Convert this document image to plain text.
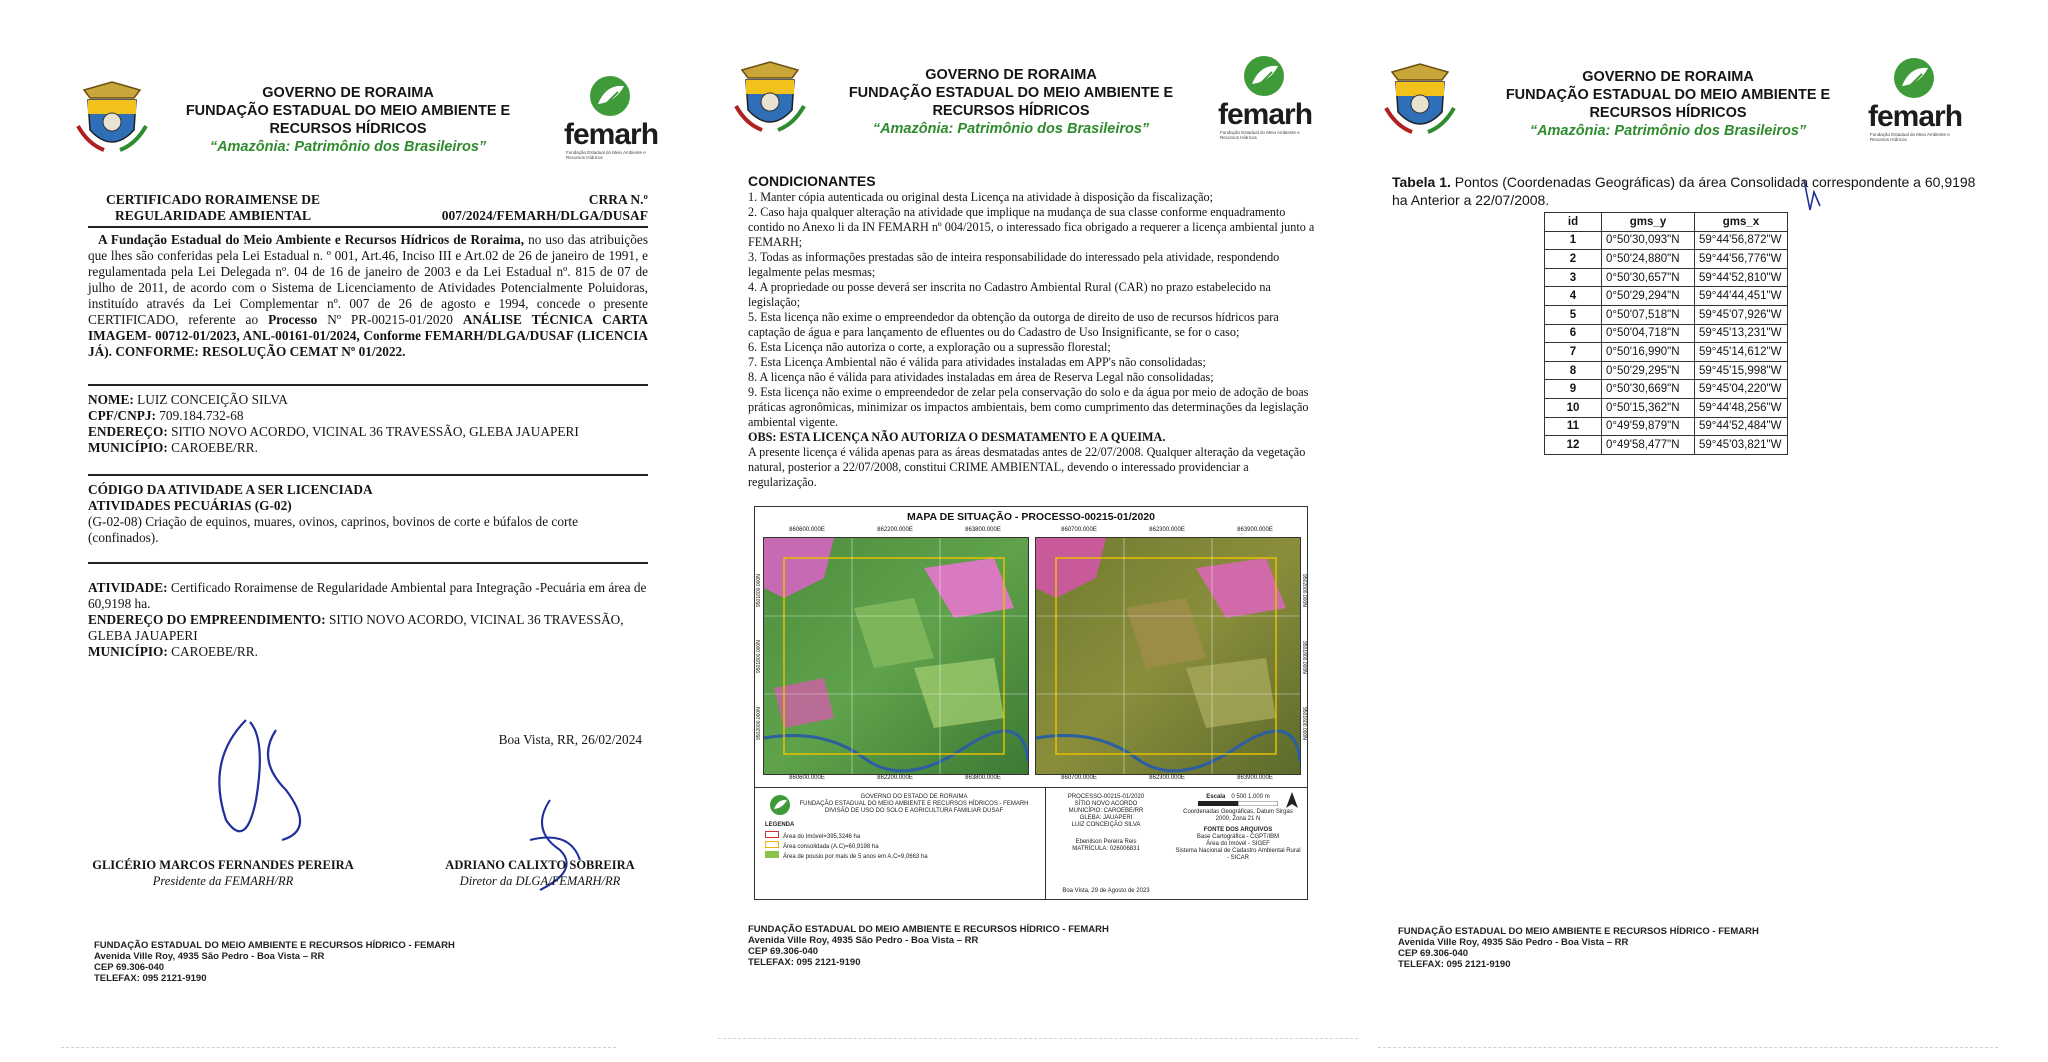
GOVERNO DE RORAIMA
FUNDAÇÃO ESTADUAL DO MEIO AMBIENTE E
RECURSOS HÍDRICOS
“Amazônia: Patrimônio dos Brasileiros”	femarh
Fundação Estadual do Meio Ambiente e Recursos Hídricos
CERTIFICADO RORAIMENSE DE
REGULARIDADE AMBIENTAL
CRRA N.º
007/2024/FEMARH/DLGA/DUSAF
A Fundação Estadual do Meio Ambiente e Recursos Hídricos de Roraima, no uso das atribuições que lhes são conferidas pela Lei Estadual n. º 001, Art.46, Inciso III e Art.02 de 26 de janeiro de 1991, e regulamentada pela Lei Delegada nº. 04 de 16 de janeiro de 2003 e da Lei Estadual nº. 815 de 07 de julho de 2011, de acordo com o Sistema de Licenciamento de Atividades Potencialmente Poluidoras, instituído através da Lei Complementar nº. 007 de 26 de agosto e 1994, concede o presente CERTIFICADO, referente ao Processo Nº PR-00215-01/2020 ANÁLISE TÉCNICA CARTA IMAGEM- 00712-01/2023, ANL-00161-01/2024, Conforme FEMARH/DLGA/DUSAF (LICENCIA JÁ). CONFORME: RESOLUÇÃO CEMAT Nº 01/2022.
NOME: LUIZ CONCEIÇÃO SILVA
CPF/CNPJ: 709.184.732-68
ENDEREÇO: SITIO NOVO ACORDO, VICINAL 36 TRAVESSÃO, GLEBA JAUAPERI
MUNICÍPIO: CAROEBE/RR.
CÓDIGO DA ATIVIDADE A SER LICENCIADA
ATIVIDADES PECUÁRIAS (G-02)
(G-02-08) Criação de equinos, muares, ovinos, caprinos, bovinos de corte e búfalos de corte (confinados).
ATIVIDADE: Certificado Roraimense de Regularidade Ambiental para Integração -Pecuária em área de 60,9198 ha.
ENDEREÇO DO EMPREENDIMENTO: SITIO NOVO ACORDO, VICINAL 36 TRAVESSÃO, GLEBA JAUAPERI
MUNICÍPIO: CAROEBE/RR.
Boa Vista, RR, 26/02/2024
GLICÉRIO MARCOS FERNANDES PEREIRA
Presidente da FEMARH/RR
ADRIANO CALIXTO SOBREIRA
Diretor da DLGA/FEMARH/RR
FUNDAÇÃO ESTADUAL DO MEIO AMBIENTE E RECURSOS HÍDRICO - FEMARH
Avenida Ville Roy, 4935 São Pedro - Boa Vista – RR
CEP 69.306-040
TELEFAX: 095 2121-9190
GOVERNO DE RORAIMA
FUNDAÇÃO ESTADUAL DO MEIO AMBIENTE E
RECURSOS HÍDRICOS
“Amazônia: Patrimônio dos Brasileiros”	femarh
Fundação Estadual do Meio Ambiente e Recursos Hídricos
CONDICIONANTES
1. Manter cópia autenticada ou original desta Licença na atividade à disposição da fiscalização;
2. Caso haja qualquer alteração na atividade que implique na mudança de sua classe conforme enquadramento contido no Anexo li da IN FEMARH nº 004/2015, o interessado fica obrigado a requerer a licença ambiental junto a FEMARH;
3. Todas as informações prestadas são de inteira responsabilidade do interessado pela atividade, respondendo legalmente pelas mesmas;
4. A propriedade ou posse deverá ser inscrita no Cadastro Ambiental Rural (CAR) no prazo estabelecido na legislação;
5. Esta licença não exime o empreendedor da obtenção da outorga de direito de uso de recursos hídricos para captação de água e para lançamento de efluentes ou do Cadastro de Uso Insignificante, se for o caso;
6. Esta Licença não autoriza o corte, a exploração ou a supressão florestal;
7. Esta Licença Ambiental não é válida para atividades instaladas em APP's não consolidadas;
8. A licença não é válida para atividades instaladas em área de Reserva Legal não consolidadas;
9. Esta licença não exime o empreendedor de zelar pela conservação do solo e da água por meio de adoção de boas práticas agronômicas, minimizar os impactos ambientais, bem como cumprimento das determinações da legislação ambiental vigente.
OBS: ESTA LICENÇA NÃO AUTORIZA O DESMATAMENTO E A QUEIMA.
A presente licença é válida apenas para as áreas desmatadas antes de 22/07/2008. Qualquer alteração da vegetação natural, posterior a 22/07/2008, constitui CRIME AMBIENTAL, devendo o interessado providenciar a regularização.
MAPA DE SITUAÇÃO - PROCESSO-00215-01/2020
860600.000E	862200.000E	863800.000E	860700.000E	862300.000E	863900.000E
860600.000E	862200.000E	863800.000E	860700.000E	862300.000E	863900.000E
9502000.000N
9501800.000N
9501600.000N	9502000.000N
9501800.000N
9501600.000N
GOVERNO DO ESTADO DE RORAIMA
FUNDAÇÃO ESTADUAL DO MEIO AMBIENTE E RECURSOS HÍDRICOS - FEMARH
DIVISÃO DE USO DO SOLO E AGRICULTURA FAMILIAR DUSAF
LEGENDA
Área do Imóvel=395,3246 ha
Área consolidada (A.C)=60,9198 ha
Área de pousio por mais de 5 anos em A.C=9,0663 ha
PROCESSO-00215-01/2020
SÍTIO NOVO ACORDO
MUNICÍPIO: CAROEBE/RR
GLEBA: JAUAPERI
LUIZ CONCEIÇÃO SILVA
Ebenilson Pereira Reis
MATRÍCULA: 026006831
Escala 0 500 1.000 m
Coordenadas Geográficas, Datum Sirgas 2000, Zona 21 N
FONTE DOS ARQUIVOS
Base Cartográfica - CGPT/IBM
Área do Imóvel - SIGEF
Sistema Nacional de Cadastro Ambiental Rural - SICAR
Boa Vista, 29 de Agosto de 2023
FUNDAÇÃO ESTADUAL DO MEIO AMBIENTE E RECURSOS HÍDRICO - FEMARH
Avenida Ville Roy, 4935 São Pedro - Boa Vista – RR
CEP 69.306-040
TELEFAX: 095 2121-9190
GOVERNO DE RORAIMA
FUNDAÇÃO ESTADUAL DO MEIO AMBIENTE E
RECURSOS HÍDRICOS
“Amazônia: Patrimônio dos Brasileiros”	femarh
Fundação Estadual do Meio Ambiente e Recursos Hídricos
Tabela 1. Pontos (Coordenadas Geográficas) da área Consolidada correspondente a 60,9198 ha Anterior a 22/07/2008.
id	gms_y	gms_x
1	0°50'30,093"N	59°44'56,872"W
2	0°50'24,880"N	59°44'56,776"W
3	0°50'30,657"N	59°44'52,810"W
4	0°50'29,294"N	59°44'44,451"W
5	0°50'07,518"N	59°45'07,926"W
6	0°50'04,718"N	59°45'13,231"W
7	0°50'16,990"N	59°45'14,612"W
8	0°50'29,295"N	59°45'15,998"W
9	0°50'30,669"N	59°45'04,220"W
10	0°50'15,362"N	59°44'48,256"W
11	0°49'59,879"N	59°44'52,484"W
12	0°49'58,477"N	59°45'03,821"W
FUNDAÇÃO ESTADUAL DO MEIO AMBIENTE E RECURSOS HÍDRICO - FEMARH
Avenida Ville Roy, 4935 São Pedro - Boa Vista – RR
CEP 69.306-040
TELEFAX: 095 2121-9190
